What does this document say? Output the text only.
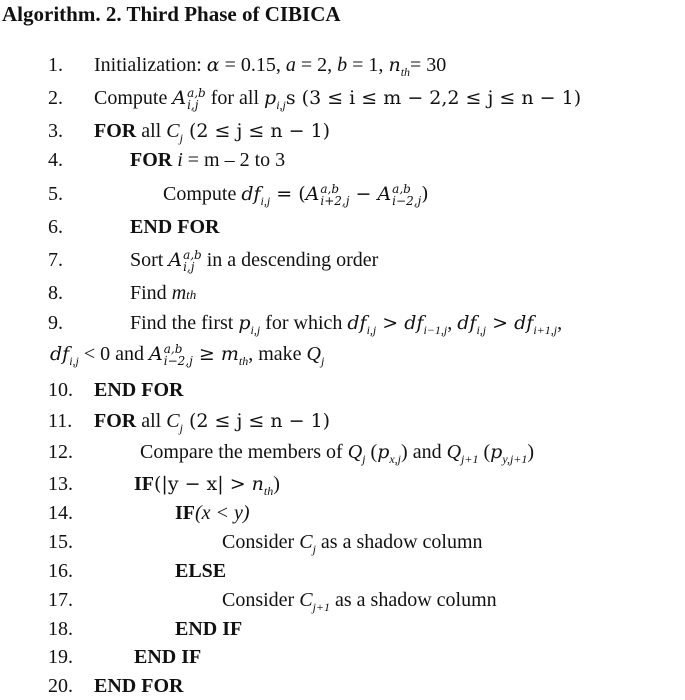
Algorithm. 2. Third Phase of CIBICA
1. Initialization: α = 0.15, a = 2, b = 1, $n_{th}= 30$
2. Compute A a,b
i,j for all $p_{i,j}s$ (3 ≤ i ≤ m − 2,2 ≤ j ≤ n − 1)
3. FOR all $C_j$ (2 ≤ j ≤ n − 1)
4.	FOR i = m – 2 to 3
5.	Compute $df_{i,j} = (A$ a,b
i+2,j − A a,b
i−2,j )
6.	END FOR
7.	Sort A a,b
i,j in a descending order
8.	Find mth
9.	Find the first $p_{i,j}$ for which $df_{i,j} > df_{i-1,j}$, $df_{i,j} > df_{i+1,j}$,
$df_{i,j} < 0$ and A a,b
$i-2,j \ge m_{th}$, make $Q_j$
10. END FOR
11. FOR all $C_j$ (2 ≤ j ≤ n − 1)
12.	Compare the members of $Q_j$ $(p_{x,j})$ and $Q_{j+1}$ $(p_{y,j+1})$
13.	$IF(|y - x| > n_{th})$
14.	IF(x < y)
15.	Consider $C_j$ as a shadow column
16.	ELSE
17.	Consider $C_{j+1}$ as a shadow column
18.	END IF
19.	END IF
20. END FOR
